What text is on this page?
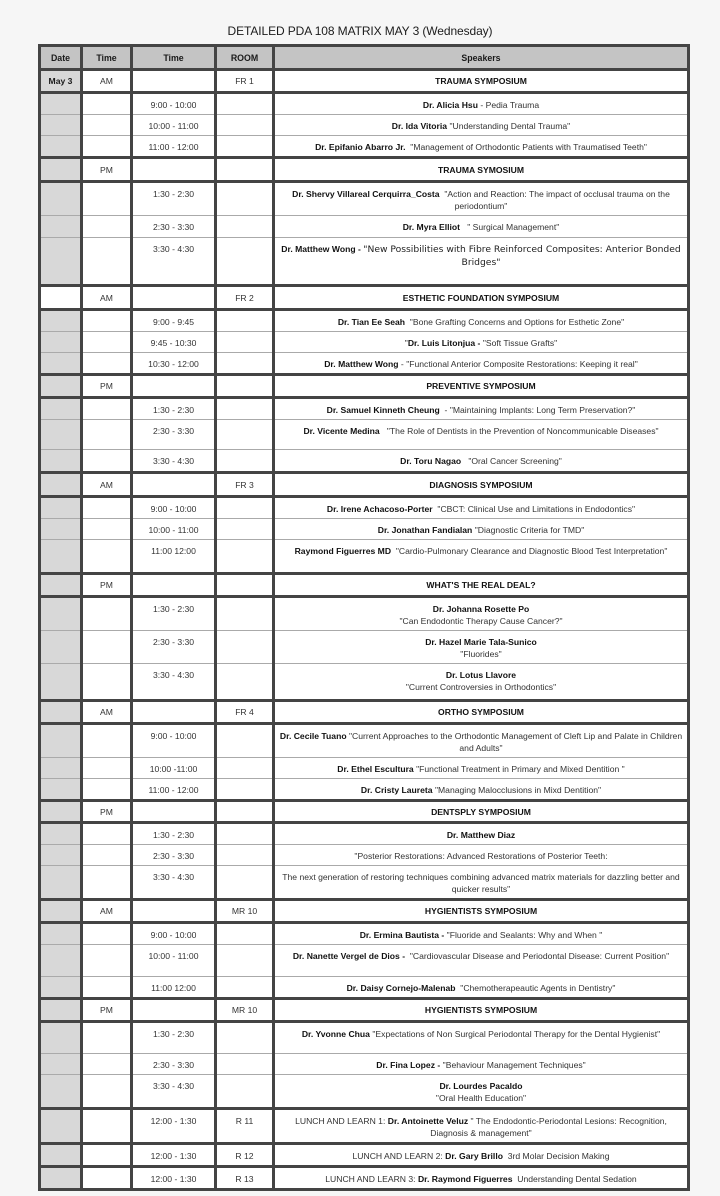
DETAILED PDA 108 MATRIX MAY 3 (Wednesday)
Date	Time	Time	ROOM	Speakers
May 3	AM		FR 1	TRAUMA SYMPOSIUM
		9:00 - 10:00		Dr. Alicia Hsu - Pedia Trauma
		10:00 - 11:00		Dr. Ida Vitoria "Understanding Dental Trauma"
		11:00 - 12:00		Dr. Epifanio Abarro Jr. "Management of Orthodontic Patients with Traumatised Teeth"
	PM			TRAUMA SYMOSIUM
		1:30 - 2:30		Dr. Shervy Villareal Cerquirra_Costa "Action and Reaction: The impact of occlusal trauma on the periodontium"
		2:30 - 3:30		Dr. Myra Elliot " Surgical Management"
		3:30 - 4:30		Dr. Matthew Wong - "New Possibilities with Fibre Reinforced Composites: Anterior Bonded Bridges"
	AM		FR 2	ESTHETIC FOUNDATION SYMPOSIUM
		9:00 - 9:45		Dr. Tian Ee Seah "Bone Grafting Concerns and Options for Esthetic Zone"
		9:45 - 10:30		"Dr. Luis Litonjua - "Soft Tissue Grafts"
		10:30 - 12:00		Dr. Matthew Wong - "Functional Anterior Composite Restorations: Keeping it real"
	PM			PREVENTIVE SYMPOSIUM
		1:30 - 2:30		Dr. Samuel Kinneth Cheung  - "Maintaining Implants: Long Term Preservation?"
		2:30 - 3:30		Dr. Vicente Medina "The Role of Dentists in the Prevention of Noncommunicable Diseases"
		3:30 - 4:30		Dr. Toru Nagao "Oral Cancer Screening"
	AM		FR 3	DIAGNOSIS SYMPOSIUM
		9:00 - 10:00		Dr. Irene Achacoso-Porter "CBCT: Clinical Use and Limitations in Endodontics"
		10:00 - 11:00		Dr. Jonathan Fandialan "Diagnostic Criteria for TMD"
		11:00 12:00		Raymond Figuerres MD "Cardio-Pulmonary Clearance and Diagnostic Blood Test Interpretation"
	PM			WHAT'S THE REAL DEAL?
		1:30 - 2:30		Dr. Johanna Rosette Po
"Can Endodontic Therapy Cause Cancer?"
		2:30 - 3:30		Dr. Hazel Marie Tala-Sunico
"Fluorides"
		3:30 - 4:30		Dr. Lotus Llavore
"Current Controversies in Orthodontics"
	AM		FR 4	ORTHO SYMPOSIUM
		9:00 - 10:00		Dr. Cecile Tuano "Current Approaches to the Orthodontic Management of Cleft Lip and Palate in Children and Adults"
		10:00 -11:00		Dr. Ethel Escultura "Functional Treatment in Primary and Mixed Dentition "
		11:00 - 12:00		Dr. Cristy Laureta "Managing Malocclusions in Mixd Dentition"
	PM			DENTSPLY SYMPOSIUM
		1:30 - 2:30		Dr. Matthew Diaz
		2:30 - 3:30		"Posterior Restorations: Advanced Restorations of Posterior Teeth:
		3:30 - 4:30		The next generation of restoring techniques combining advanced matrix materials for dazzling better and quicker results"
	AM		MR 10	HYGIENTISTS SYMPOSIUM
		9:00 - 10:00		Dr. Ermina Bautista - "Fluoride and Sealants: Why and When "
		10:00 - 11:00		Dr. Nanette Vergel de Dios - "Cardiovascular Disease and Periodontal Disease: Current Position"
		11:00 12:00		Dr. Daisy Cornejo-Malenab "Chemotherapeautic Agents in Dentistry"
	PM		MR 10	HYGIENTISTS SYMPOSIUM
		1:30 - 2:30		Dr. Yvonne Chua "Expectations of Non Surgical Periodontal Therapy for the Dental Hygienist"
		2:30 - 3:30		Dr. Fina Lopez - "Behaviour Management Techniques"
		3:30 - 4:30		Dr. Lourdes Pacaldo
"Oral Health Education"
		12:00 - 1:30	R 11	LUNCH AND LEARN 1: Dr. Antoinette Veluz " The Endodontic-Periodontal Lesions: Recognition, Diagnosis & management"
		12:00 - 1:30	R 12	LUNCH AND LEARN 2: Dr. Gary Brillo  3rd Molar Decision Making
		12:00 - 1:30	R 13	LUNCH AND LEARN 3: Dr. Raymond Figuerres  Understanding Dental Sedation
